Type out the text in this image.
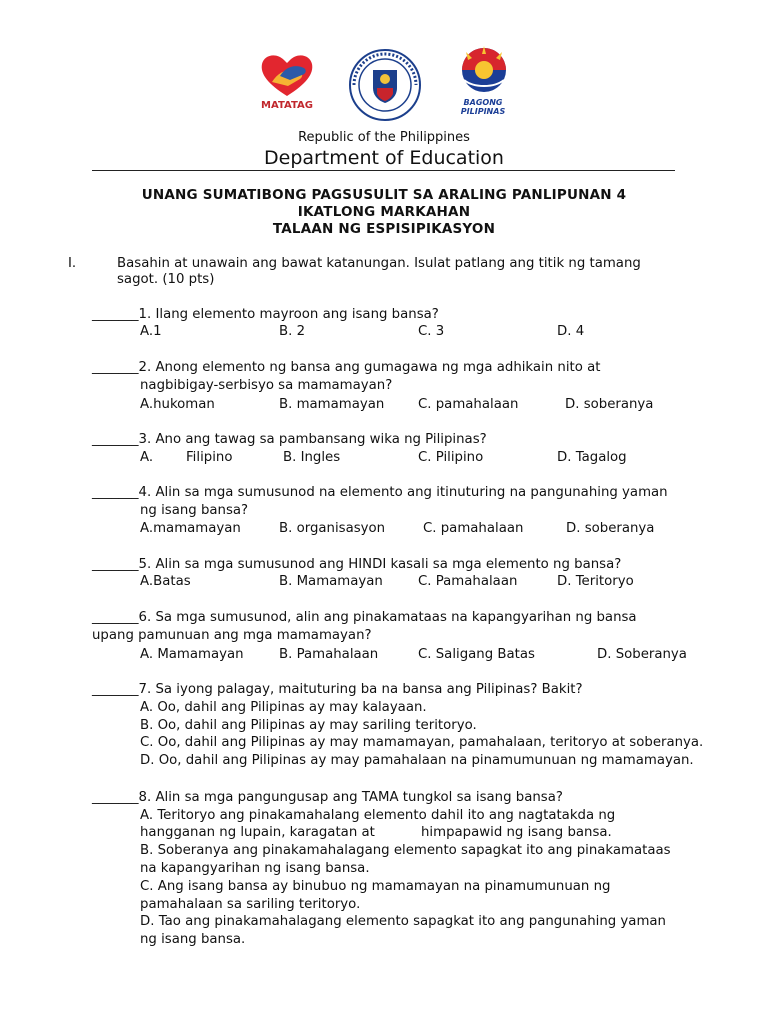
MATATAG	BAGONG PILIPINAS
Republic of the Philippines
Department of Education
UNANG SUMATIBONG PAGSUSULIT SA ARALING PANLIPUNAN 4
IKATLONG MARKAHAN
TALAAN NG ESPISIPIKASYON
I.	Basahin at unawain ang bawat katanungan. Isulat patlang ang titik ng tamang
sagot. (10 pts)
_______1. Ilang elemento mayroon ang isang bansa?
A.1	B. 2	C. 3	D. 4
_______2. Anong elemento ng bansa ang gumagawa ng mga adhikain nito at
nagbibigay-serbisyo sa mamamayan?
A.hukoman	B. mamamayan	C. pamahalaan	D. soberanya
_______3. Ano ang tawag sa pambansang wika ng Pilipinas?
A. Filipino	B. Ingles	C. Pilipino	D. Tagalog
_______4. Alin sa mga sumusunod na elemento ang itinuturing na pangunahing yaman
ng isang bansa?
A.mamamayan	B. organisasyon	C. pamahalaan	D. soberanya
_______5. Alin sa mga sumusunod ang HINDI kasali sa mga elemento ng bansa?
A.Batas	B. Mamamayan	C. Pamahalaan	D. Teritoryo
_______6. Sa mga sumusunod, alin ang pinakamataas na kapangyarihan ng bansa
upang pamunuan ang mga mamamayan?
A. Mamamayan	B. Pamahalaan	C. Saligang Batas	D. Soberanya
_______7. Sa iyong palagay, maituturing ba na bansa ang Pilipinas? Bakit?
A. Oo, dahil ang Pilipinas ay may kalayaan.
B. Oo, dahil ang Pilipinas ay may sariling teritoryo.
C. Oo, dahil ang Pilipinas ay may mamamayan, pamahalaan, teritoryo at soberanya.
D. Oo, dahil ang Pilipinas ay may pamahalaan na pinamumunuan ng mamamayan.
_______8. Alin sa mga pangungusap ang TAMA tungkol sa isang bansa?
A. Teritoryo ang pinakamahalang elemento dahil ito ang nagtatakda ng
hangganan ng lupain, karagatan at	himpapawid ng isang bansa.
B. Soberanya ang pinakamahalagang elemento sapagkat ito ang pinakamataas
na kapangyarihan ng isang bansa.
C. Ang isang bansa ay binubuo ng mamamayan na pinamumunuan ng
pamahalaan sa sariling teritoryo.
D. Tao ang pinakamahalagang elemento sapagkat ito ang pangunahing yaman
ng isang bansa.
